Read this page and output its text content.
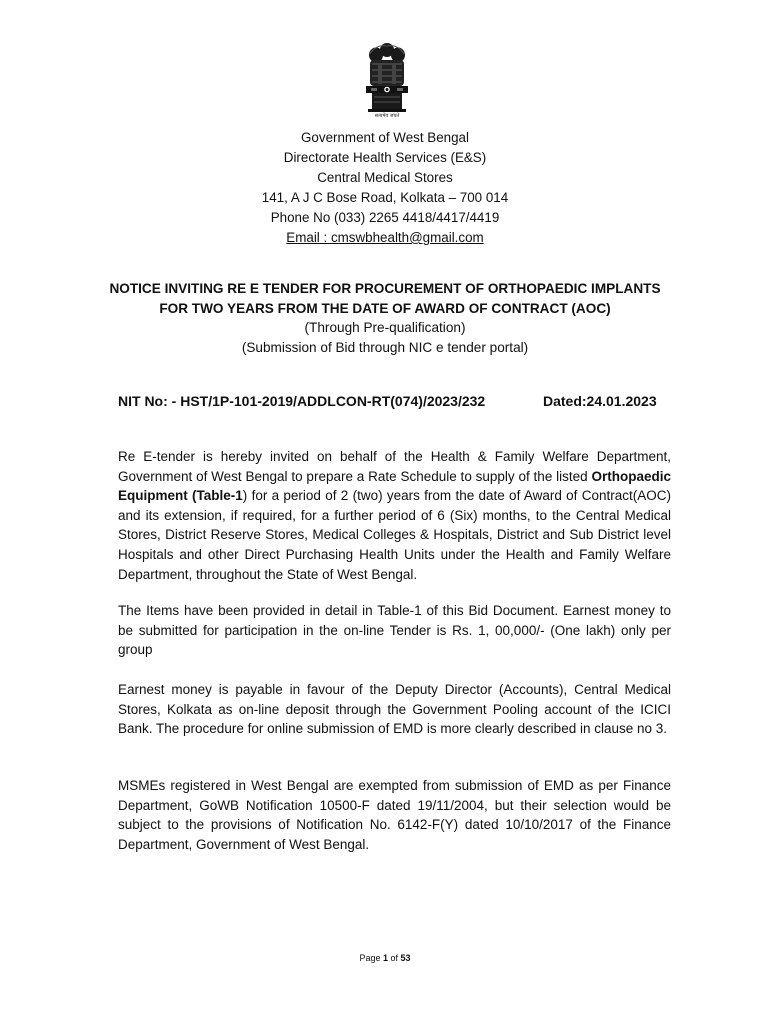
सत्यमेव जयते
Government of West Bengal
Directorate Health Services (E&S)
Central Medical Stores
141, A J C Bose Road, Kolkata – 700 014
Phone No (033) 2265 4418/4417/4419
Email : cmswbhealth@gmail.com
NOTICE INVITING RE E TENDER FOR PROCUREMENT OF ORTHOPAEDIC IMPLANTS
FOR TWO YEARS FROM THE DATE OF AWARD OF CONTRACT (AOC)
(Through Pre-qualification)
(Submission of Bid through NIC e tender portal)
NIT No: - HST/1P-101-2019/ADDLCON-RT(074)/2023/232	Dated:24.01.2023
Re E-tender is hereby invited on behalf of the Health & Family Welfare Department, Government of West Bengal to prepare a Rate Schedule to supply of the listed Orthopaedic Equipment (Table-1) for a period of 2 (two) years from the date of Award of Contract(AOC) and its extension, if required, for a further period of 6 (Six) months, to the Central Medical Stores, District Reserve Stores, Medical Colleges & Hospitals, District and Sub District level Hospitals and other Direct Purchasing Health Units under the Health and Family Welfare Department, throughout the State of West Bengal.
The Items have been provided in detail in Table-1 of this Bid Document. Earnest money to be submitted for participation in the on-line Tender is Rs. 1, 00,000/- (One lakh) only per group
Earnest money is payable in favour of the Deputy Director (Accounts), Central Medical Stores, Kolkata as on-line deposit through the Government Pooling account of the ICICI Bank. The procedure for online submission of EMD is more clearly described in clause no 3.
MSMEs registered in West Bengal are exempted from submission of EMD as per Finance Department, GoWB Notification 10500-F dated 19/11/2004, but their selection would be subject to the provisions of Notification No. 6142-F(Y) dated 10/10/2017 of the Finance Department, Government of West Bengal.
Page 1 of 53
